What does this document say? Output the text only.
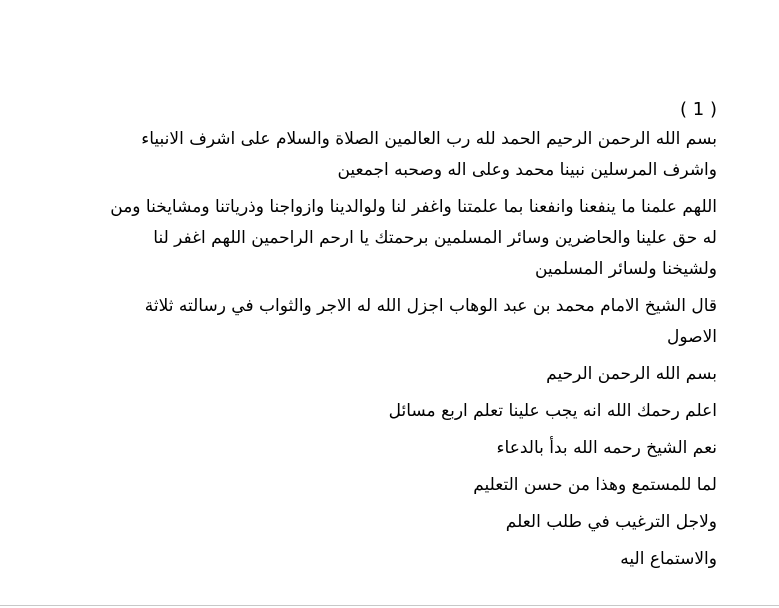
( 1 )

بسم الله الرحمن الرحيم الحمد لله رب العالمين الصلاة والسلام على اشرف الانبياء واشرف المرسلين نبينا محمد وعلى اله وصحبه اجمعين

اللهم علمنا ما ينفعنا وانفعنا بما علمتنا واغفر لنا ولوالدينا وازواجنا وذرياتنا ومشايخنا ومن له حق علينا والحاضرين وسائر المسلمين برحمتك يا ارحم الراحمين اللهم اغفر لنا ولشيخنا ولسائر المسلمين

قال الشيخ الامام محمد بن عبد الوهاب اجزل الله له الاجر والثواب في رسالته ثلاثة الاصول

بسم الله الرحمن الرحيم

اعلم رحمك الله انه يجب علينا تعلم اربع مسائل

نعم الشيخ رحمه الله بدأ بالدعاء

لما للمستمع وهذا من حسن التعليم

ولاجل الترغيب في طلب العلم

والاستماع اليه
